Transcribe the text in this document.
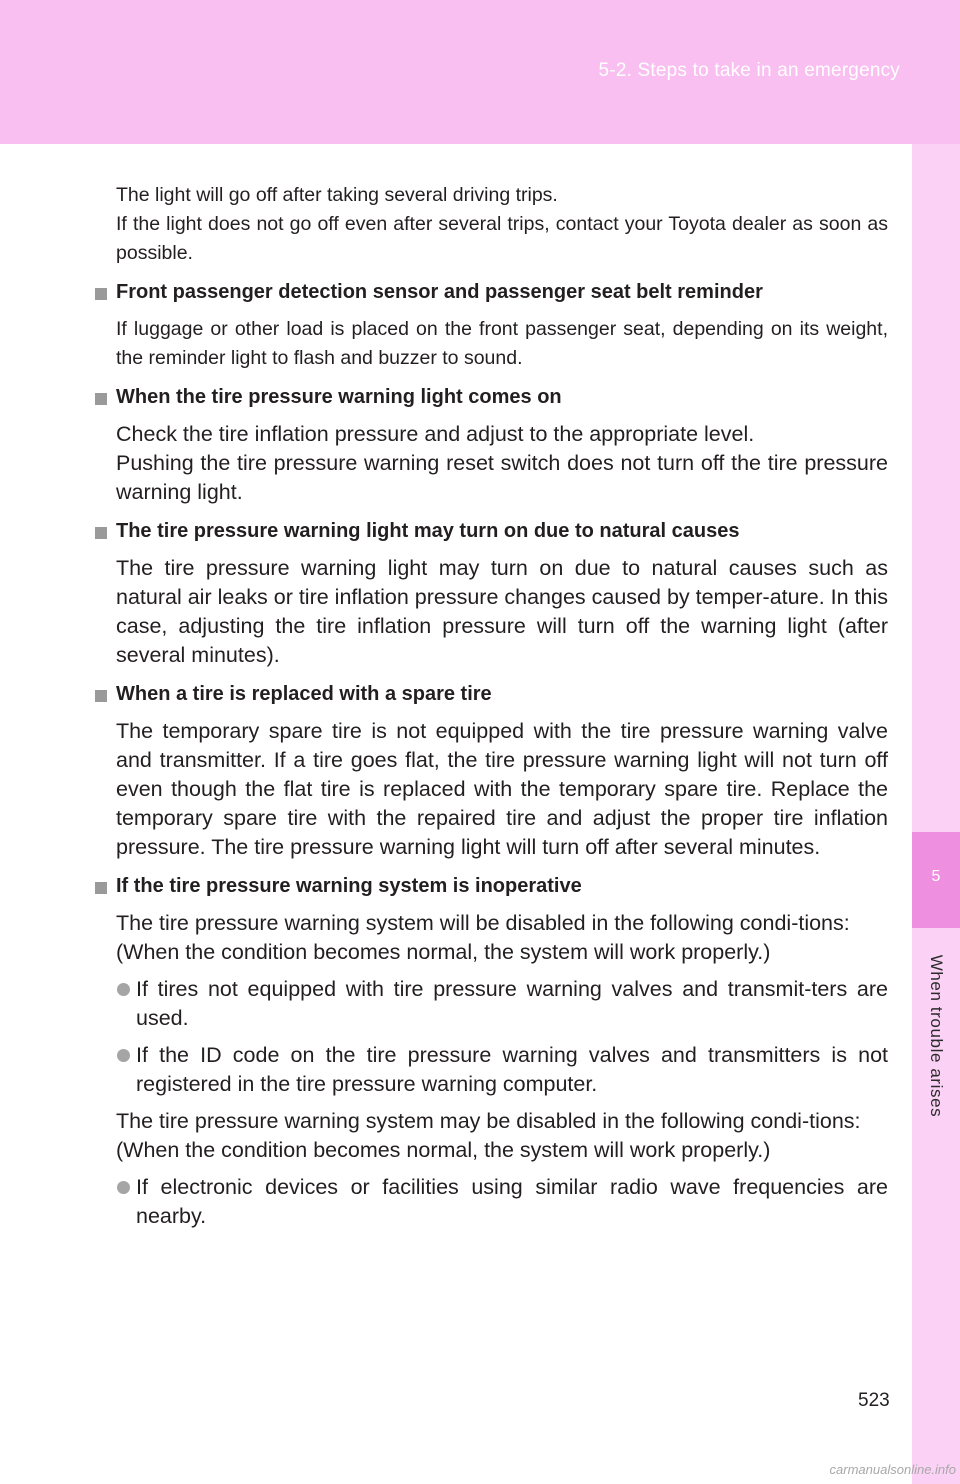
5-2. Steps to take in an emergency
5
When trouble arises

The light will go off after taking several driving trips.

If the light does not go off even after several trips, contact your Toyota dealer as soon as possible.

Front passenger detection sensor and passenger seat belt reminder

If luggage or other load is placed on the front passenger seat, depending on its weight, the reminder light to flash and buzzer to sound.

When the tire pressure warning light comes on

Check the tire inflation pressure and adjust to the appropriate level.

Pushing the tire pressure warning reset switch does not turn off the tire pressure warning light.

The tire pressure warning light may turn on due to natural causes

The tire pressure warning light may turn on due to natural causes such as natural air leaks or tire inflation pressure changes caused by temper-ature. In this case, adjusting the tire inflation pressure will turn off the warning light (after several minutes).

When a tire is replaced with a spare tire

The temporary spare tire is not equipped with the tire pressure warning valve and transmitter. If a tire goes flat, the tire pressure warning light will not turn off even though the flat tire is replaced with the temporary spare tire. Replace the temporary spare tire with the repaired tire and adjust the proper tire inflation pressure. The tire pressure warning light will turn off after several minutes.

If the tire pressure warning system is inoperative

The tire pressure warning system will be disabled in the following condi-tions:

(When the condition becomes normal, the system will work properly.)

If tires not equipped with tire pressure warning valves and transmit-ters are used.
If the ID code on the tire pressure warning valves and transmitters is not registered in the tire pressure warning computer.

The tire pressure warning system may be disabled in the following condi-tions:

(When the condition becomes normal, the system will work properly.)

If electronic devices or facilities using similar radio wave frequencies are nearby.
523
carmanualsonline.info
